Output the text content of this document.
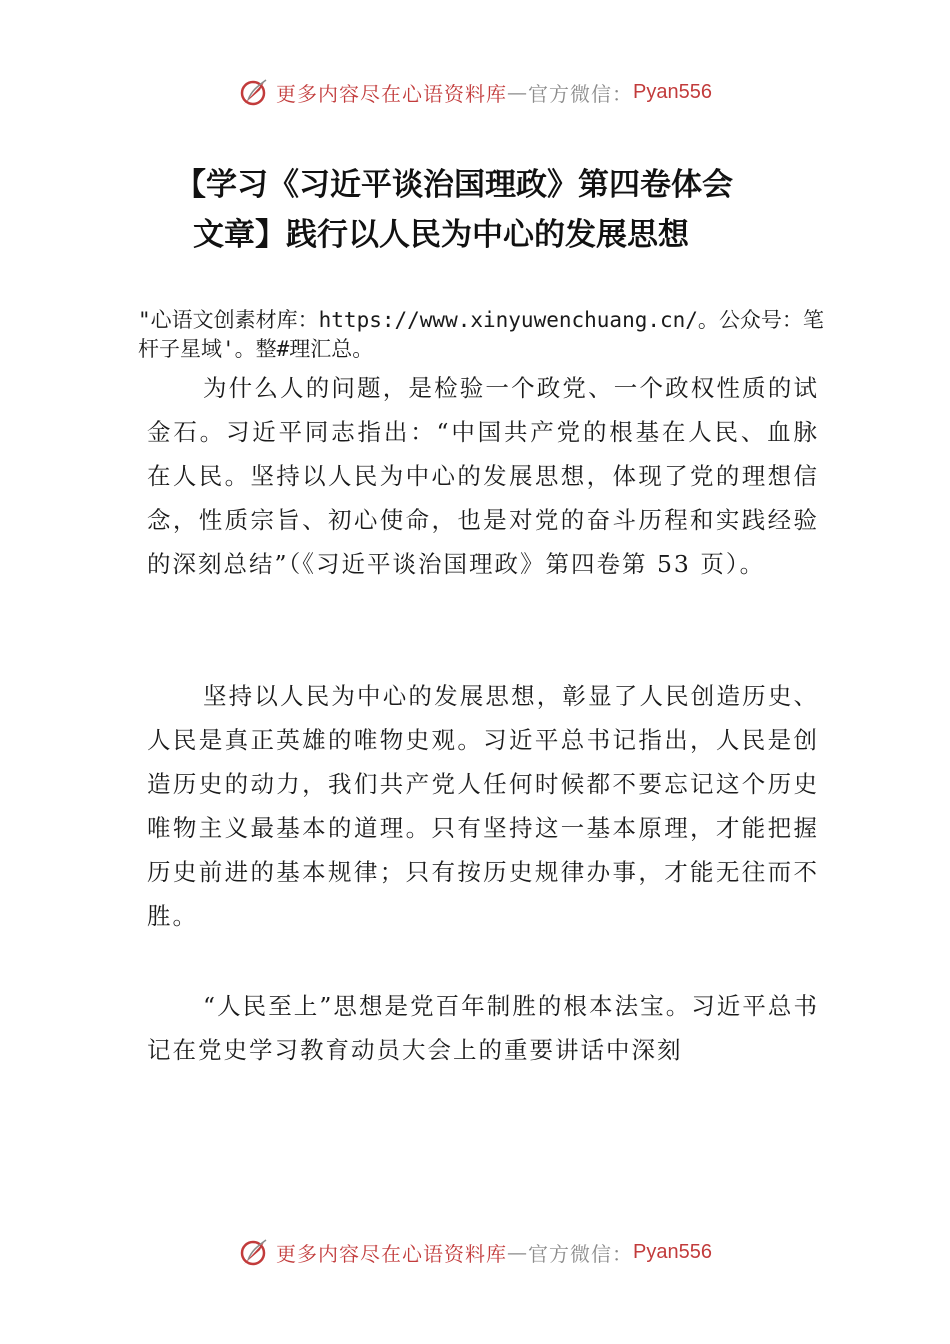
更多内容尽在心语资料库 — 官方微信： Pyan556
【学习《习近平谈治国理政》第四卷体会
文章】践行以人民为中心的发展思想
"心语文创素材库：https://www.xinyuwenchuang.cn/。公众号：笔杆子星域'。整#理汇总。
为什么人的问题，是检验一个政党、一个政权性质的试金石。习近平同志指出：“中国共产党的根基在人民、血脉在人民。坚持以人民为中心的发展思想，体现了党的理想信念，性质宗旨、初心使命，也是对党的奋斗历程和实践经验的深刻总结”（《习近平谈治国理政》第四卷第 53 页）。
坚持以人民为中心的发展思想，彰显了人民创造历史、人民是真正英雄的唯物史观。习近平总书记指出，人民是创造历史的动力，我们共产党人任何时候都不要忘记这个历史唯物主义最基本的道理。只有坚持这一基本原理，才能把握历史前进的基本规律；只有按历史规律办事，才能无往而不胜。
“人民至上”思想是党百年制胜的根本法宝。习近平总书记在党史学习教育动员大会上的重要讲话中深刻
更多内容尽在心语资料库 — 官方微信： Pyan556
